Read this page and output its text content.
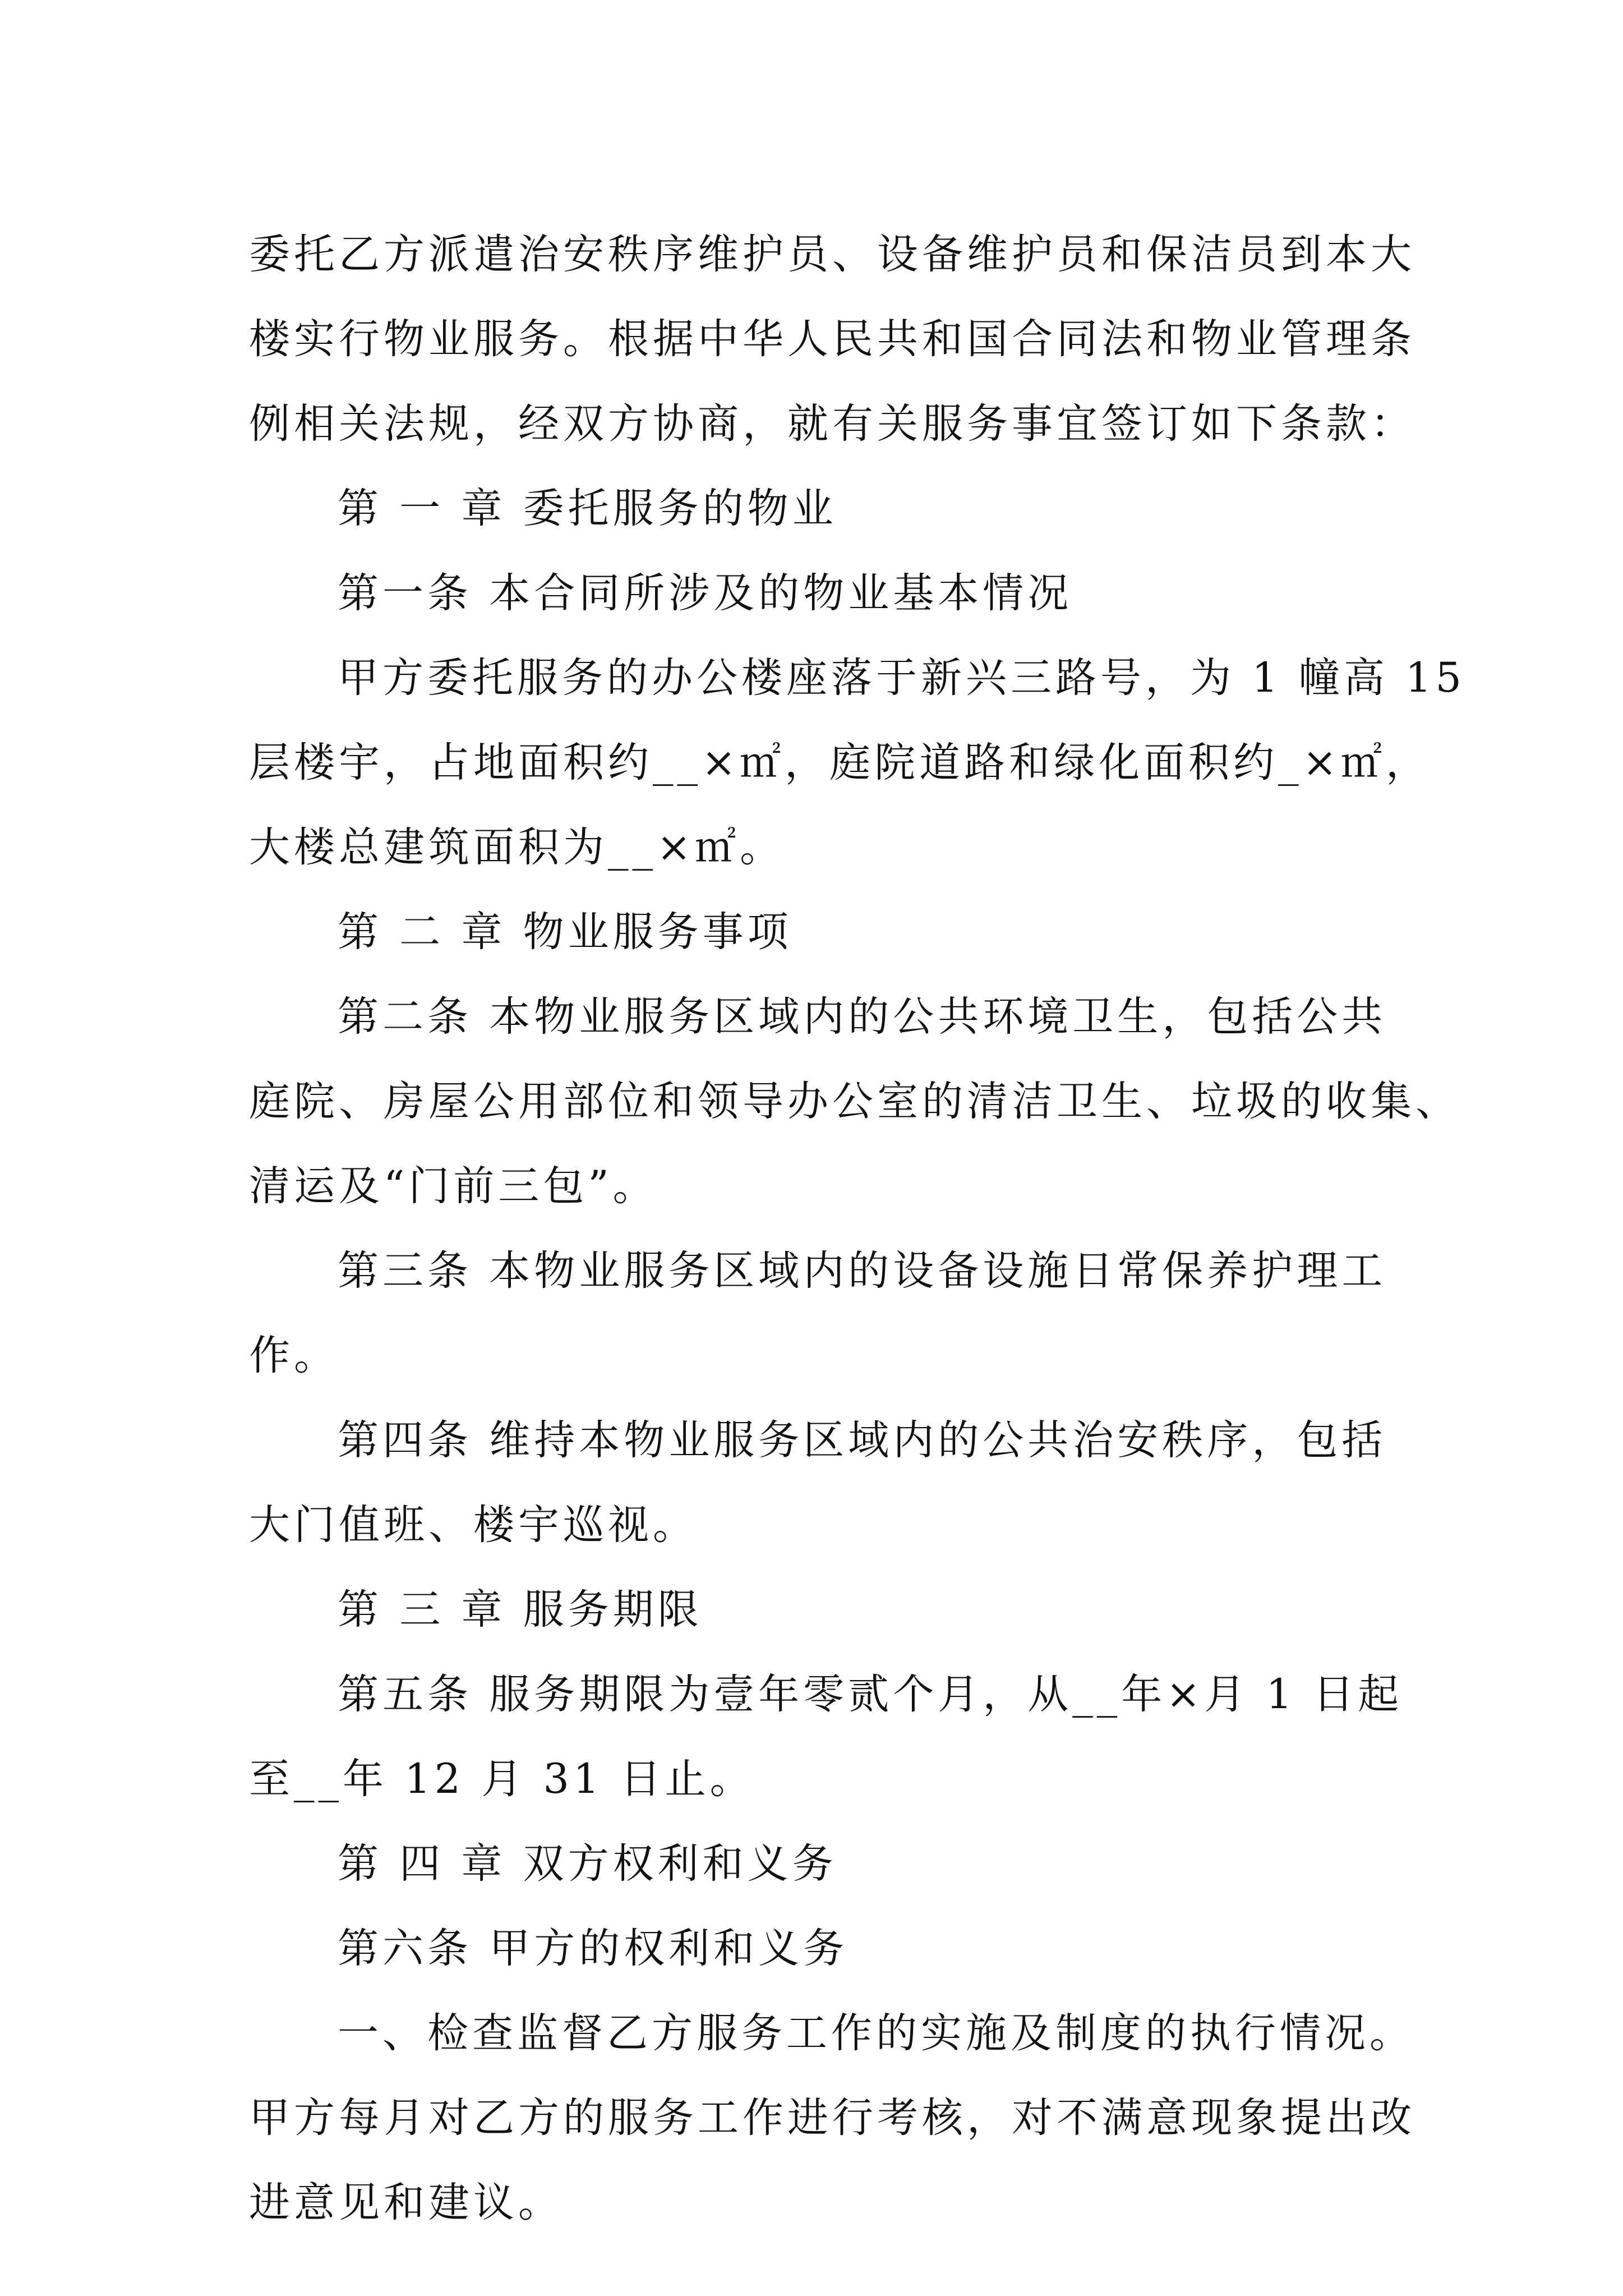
委托乙方派遣治安秩序维护员、设备维护员和保洁员到本大
楼实行物业服务。根据中华人民共和国合同法和物业管理条
例相关法规，经双方协商，就有关服务事宜签订如下条款：
第 一 章 委托服务的物业
第一条 本合同所涉及的物业基本情况
甲方委托服务的办公楼座落于新兴三路号，为 1 幢高 15
层楼宇，占地面积约__×㎡，庭院道路和绿化面积约_×㎡，
大楼总建筑面积为__×㎡。
第 二 章 物业服务事项
第二条 本物业服务区域内的公共环境卫生，包括公共
庭院、房屋公用部位和领导办公室的清洁卫生、垃圾的收集、
清运及“门前三包”。
第三条 本物业服务区域内的设备设施日常保养护理工
作。
第四条 维持本物业服务区域内的公共治安秩序，包括
大门值班、楼宇巡视。
第 三 章 服务期限
第五条 服务期限为壹年零贰个月，从__年×月 1 日起
至__年 12 月 31 日止。
第 四 章 双方权利和义务
第六条 甲方的权利和义务
一、检查监督乙方服务工作的实施及制度的执行情况。
甲方每月对乙方的服务工作进行考核，对不满意现象提出改
进意见和建议。
